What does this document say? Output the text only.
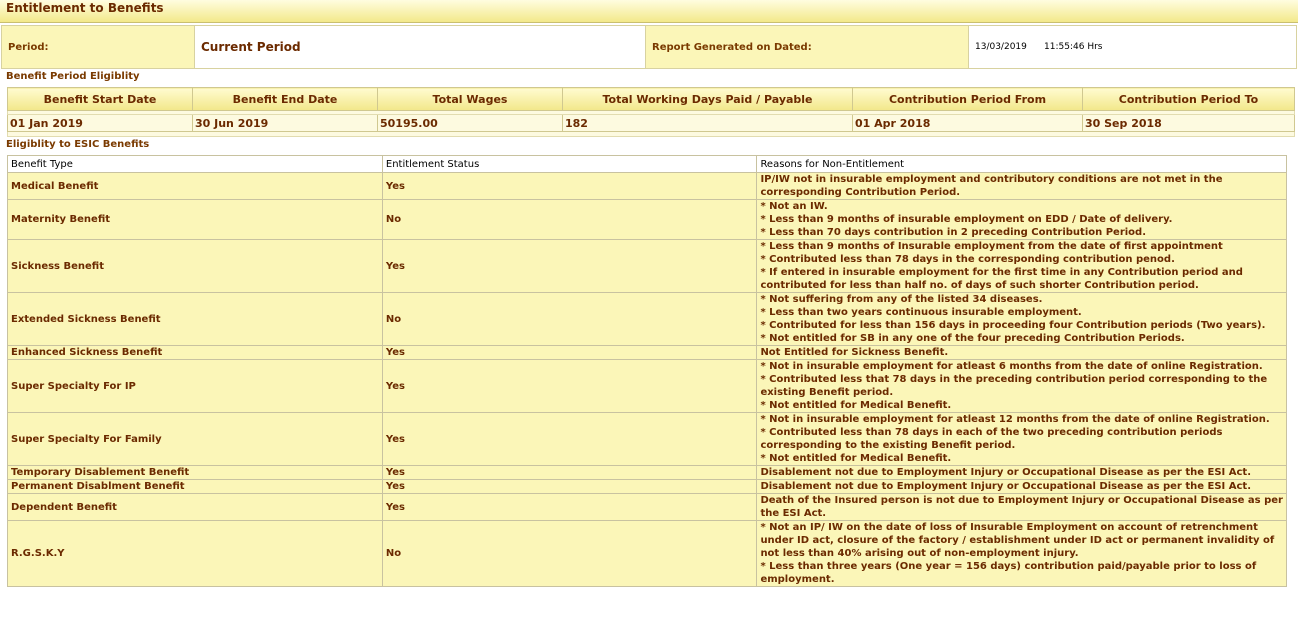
Entitlement to Benefits
Period:	Current Period	Report Generated on Dated:	13/03/2019 11:55:46 Hrs
Benefit Period Eligiblity
Benefit Start Date	Benefit End Date	Total Wages	Total Working Days Paid / Payable	Contribution Period From	Contribution Period To

01 Jan 2019	30 Jun 2019	50195.00	182	01 Apr 2018	30 Sep 2018

Eligiblity to ESIC Benefits
Benefit Type	Entitlement Status	Reasons for Non-Entitlement
Medical Benefit	Yes	IP/IW not in insurable employment and contributory conditions are not met in the
corresponding Contribution Period.

Maternity Benefit	No	* Not an IW.
* Less than 9 months of insurable employment on EDD / Date of delivery.
* Less than 70 days contribution in 2 preceding Contribution Period.

Sickness Benefit	Yes	* Less than 9 months of Insurable employment from the date of first appointment
* Contributed less than 78 days in the corresponding contribution penod.
* If entered in insurable employment for the first time in any Contribution period and
contributed for less than half no. of days of such shorter Contribution period.

Extended Sickness Benefit	No	* Not suffering from any of the listed 34 diseases.
* Less than two years continuous insurable employment.
* Contributed for less than 156 days in proceeding four Contribution periods (Two years).
* Not entitled for SB in any one of the four preceding Contribution Periods.

Enhanced Sickness Benefit	Yes	Not Entitled for Sickness Benefit.

Super Specialty For IP	Yes	* Not in insurable employment for atleast 6 months from the date of online Registration.
* Contributed less that 78 days in the preceding contribution period corresponding to the
existing Benefit period.
* Not entitled for Medical Benefit.

Super Specialty For Family	Yes	* Not in insurable employment for atleast 12 months from the date of online Registration.
* Contributed less than 78 days in each of the two preceding contribution periods
corresponding to the existing Benefit period.
* Not entitled for Medical Benefit.

Temporary Disablement Benefit	Yes	Disablement not due to Employment Injury or Occupational Disease as per the ESI Act.

Permanent Disablment Benefit	Yes	Disablement not due to Employment Injury or Occupational Disease as per the ESI Act.

Dependent Benefit	Yes	Death of the Insured person is not due to Employment Injury or Occupational Disease as per
the ESI Act.

R.G.S.K.Y	No	* Not an IP/ IW on the date of loss of Insurable Employment on account of retrenchment
under ID act, closure of the factory / establishment under ID act or permanent invalidity of
not less than 40% arising out of non-employment injury.
* Less than three years (One year = 156 days) contribution paid/payable prior to loss of
employment.
